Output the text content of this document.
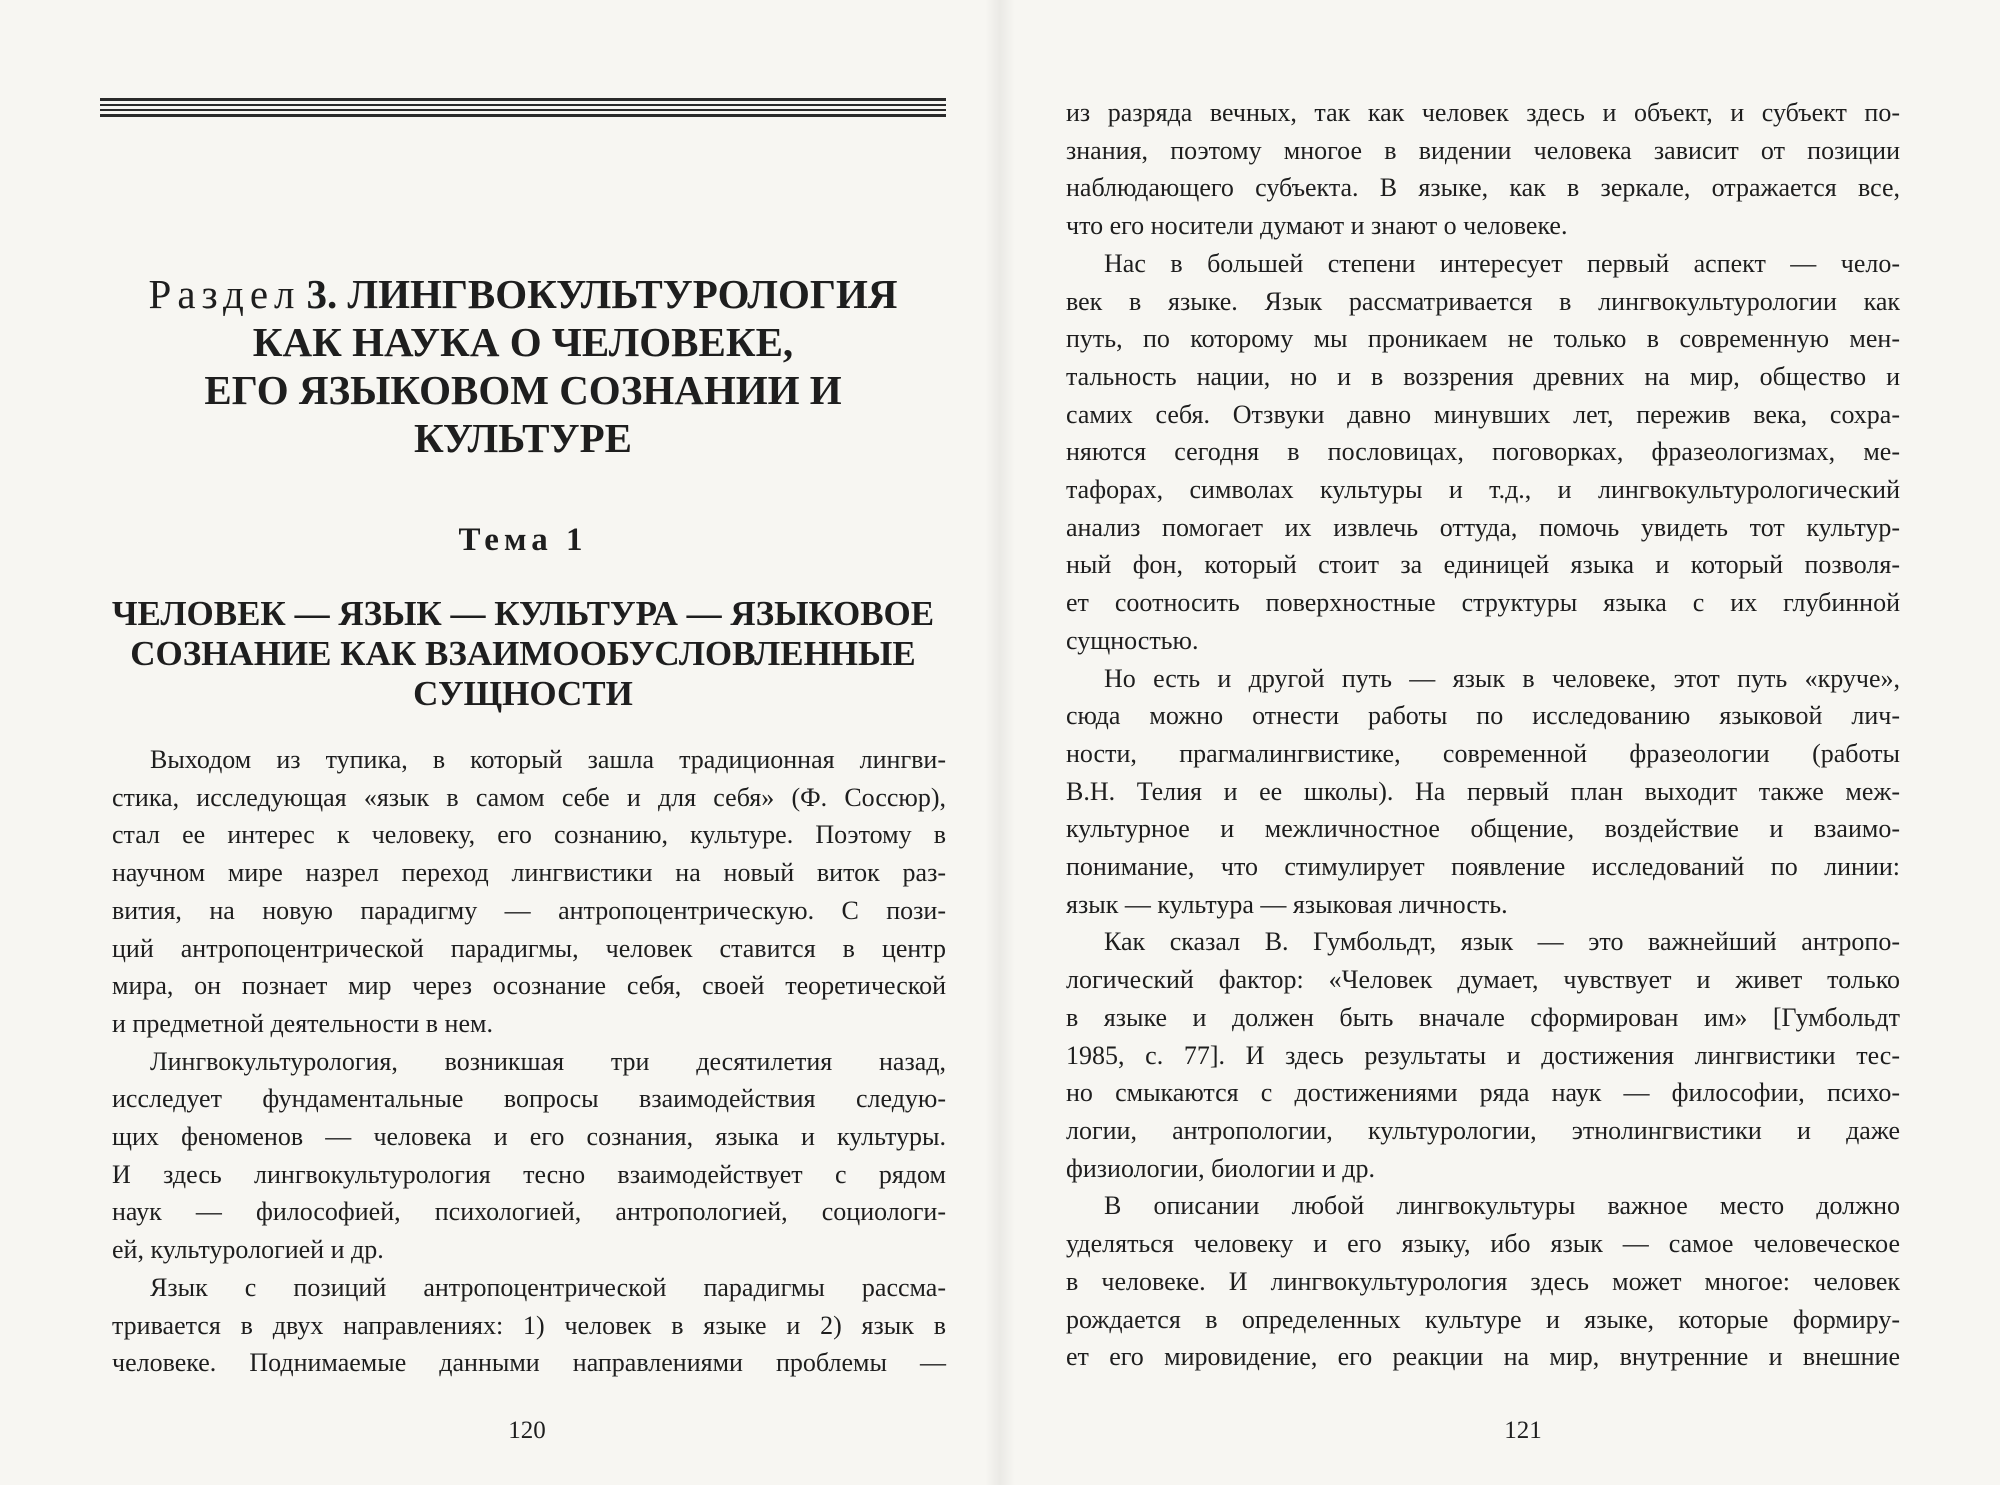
Раздел 3. ЛИНГВОКУЛЬТУРОЛОГИЯ
КАК НАУКА О ЧЕЛОВЕКЕ,
ЕГО ЯЗЫКОВОМ СОЗНАНИИ И КУЛЬТУРЕ
Тема 1
ЧЕЛОВЕК — ЯЗЫК — КУЛЬТУРА — ЯЗЫКОВОЕ
СОЗНАНИЕ КАК ВЗАИМООБУСЛОВЛЕННЫЕ
СУЩНОСТИ
Выходом из тупика, в который зашла традиционная лингви-
стика, исследующая «язык в самом себе и для себя» (Ф. Соссюр),
стал ее интерес к человеку, его сознанию, культуре. Поэтому в
научном мире назрел переход лингвистики на новый виток раз-
вития, на новую парадигму — антропоцентрическую. С пози-
ций антропоцентрической парадигмы, человек ставится в центр
мира, он познает мир через осознание себя, своей теоретической
и предметной деятельности в нем.
Лингвокультурология, возникшая три десятилетия назад,
исследует фундаментальные вопросы взаимодействия следую-
щих феноменов — человека и его сознания, языка и культуры.
И здесь лингвокультурология тесно взаимодействует с рядом
наук — философией, психологией, антропологией, социологи-
ей, культурологией и др.
Язык с позиций антропоцентрической парадигмы рассма-
тривается в двух направлениях: 1) человек в языке и 2) язык в
человеке. Поднимаемые данными направлениями проблемы —
120
из разряда вечных, так как человек здесь и объект, и субъект по-
знания, поэтому многое в видении человека зависит от позиции
наблюдающего субъекта. В языке, как в зеркале, отражается все,
что его носители думают и знают о человеке.
Нас в большей степени интересует первый аспект — чело-
век в языке. Язык рассматривается в лингвокультурологии как
путь, по которому мы проникаем не только в современную мен-
тальность нации, но и в воззрения древних на мир, общество и
самих себя. Отзвуки давно минувших лет, пережив века, сохра-
няются сегодня в пословицах, поговорках, фразеологизмах, ме-
тафорах, символах культуры и т.д., и лингвокультурологический
анализ помогает их извлечь оттуда, помочь увидеть тот культур-
ный фон, который стоит за единицей языка и который позволя-
ет соотносить поверхностные структуры языка с их глубинной
сущностью.
Но есть и другой путь — язык в человеке, этот путь «круче»,
сюда можно отнести работы по исследованию языковой лич-
ности, прагмалингвистике, современной фразеологии (работы
В.Н. Телия и ее школы). На первый план выходит также меж-
культурное и межличностное общение, воздействие и взаимо-
понимание, что стимулирует появление исследований по линии:
язык — культура — языковая личность.
Как сказал В. Гумбольдт, язык — это важнейший антропо-
логический фактор: «Человек думает, чувствует и живет только
в языке и должен быть вначале сформирован им» [Гумбольдт
1985, с. 77]. И здесь результаты и достижения лингвистики тес-
но смыкаются с достижениями ряда наук — философии, психо-
логии, антропологии, культурологии, этнолингвистики и даже
физиологии, биологии и др.
В описании любой лингвокультуры важное место должно
уделяться человеку и его языку, ибо язык — самое человеческое
в человеке. И лингвокультурология здесь может многое: человек
рождается в определенных культуре и языке, которые формиру-
ет его мировидение, его реакции на мир, внутренние и внешние
121
